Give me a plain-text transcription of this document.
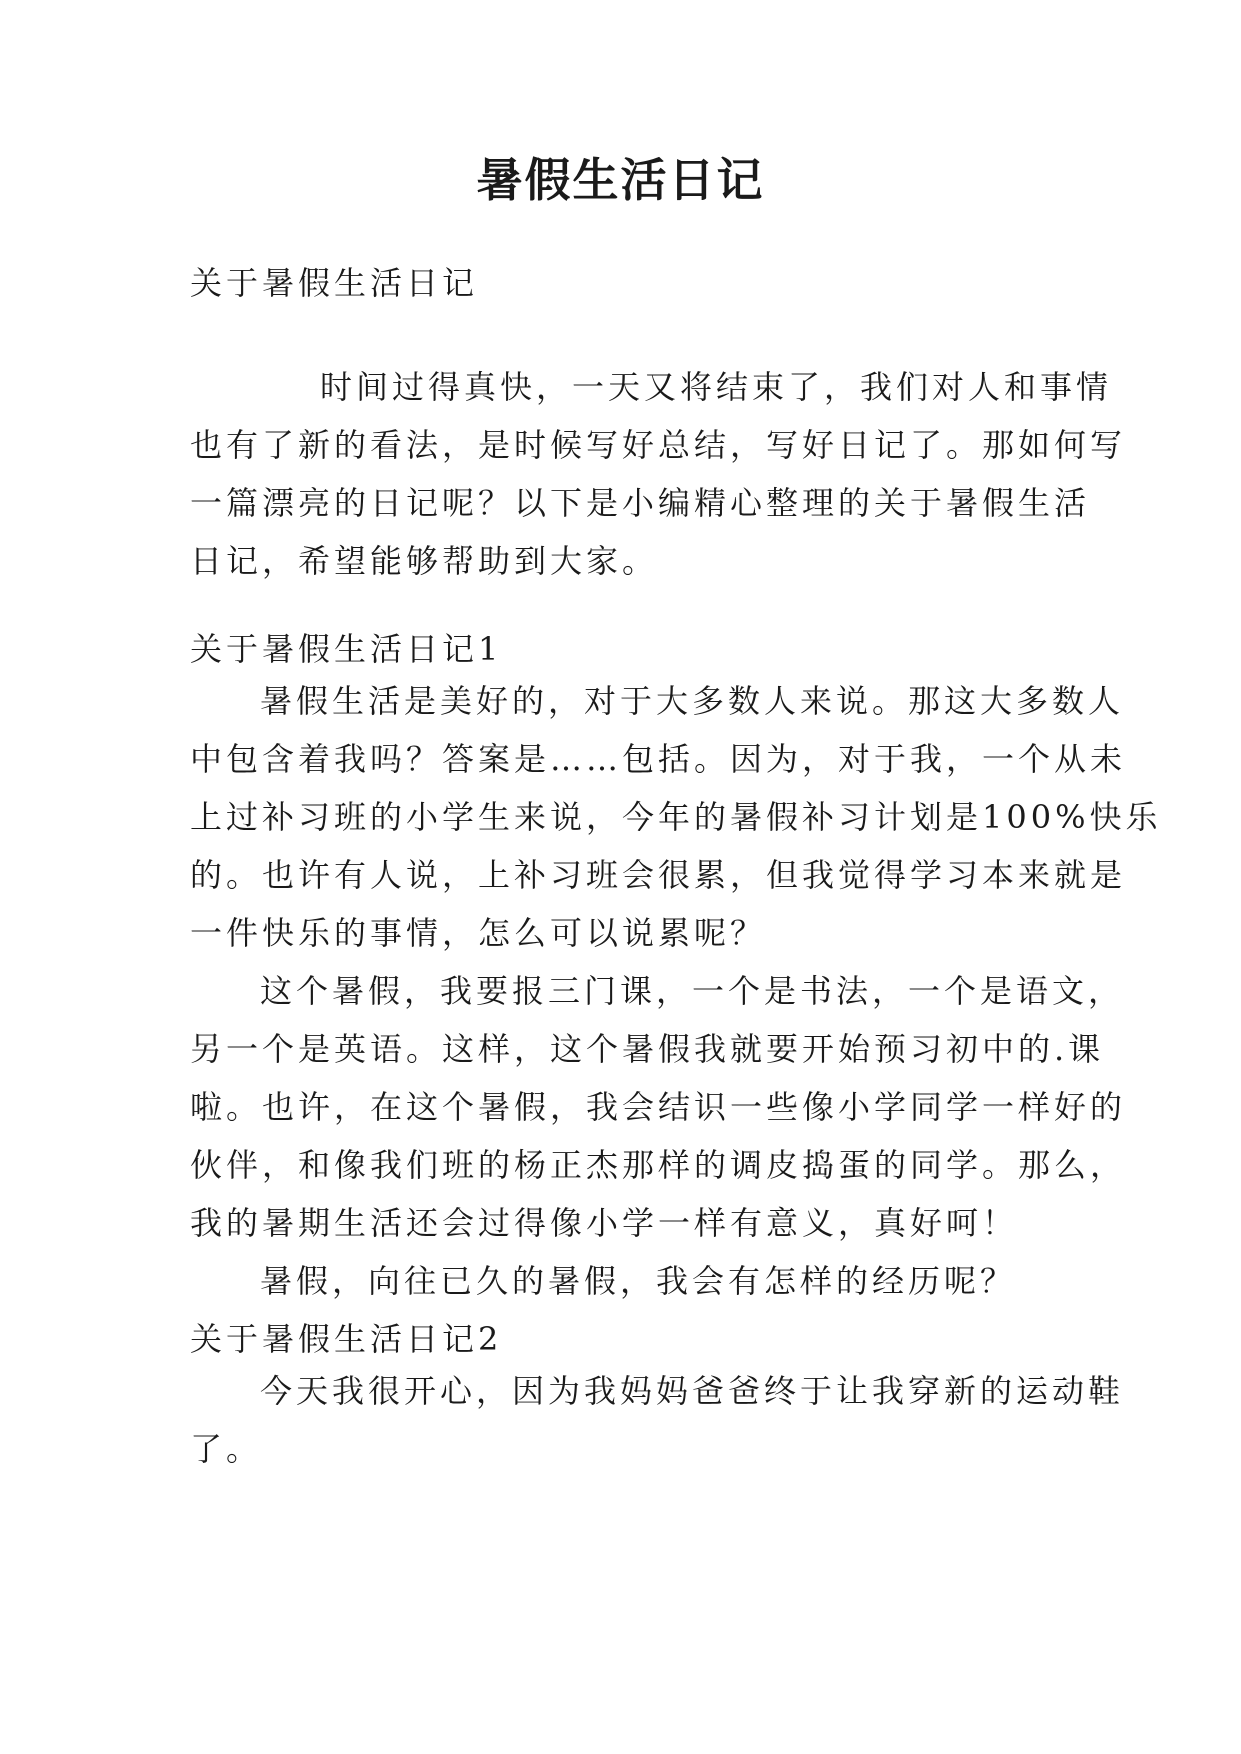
暑假生活日记
关于暑假生活日记
时间过得真快，一天又将结束了，我们对人和事情
也有了新的看法，是时候写好总结，写好日记了。那如何写
一篇漂亮的日记呢？以下是小编精心整理的关于暑假生活
日记，希望能够帮助到大家。
关于暑假生活日记1
暑假生活是美好的，对于大多数人来说。那这大多数人
中包含着我吗？答案是……包括。因为，对于我，一个从未
上过补习班的小学生来说，今年的暑假补习计划是100%快乐
的。也许有人说，上补习班会很累，但我觉得学习本来就是
一件快乐的事情，怎么可以说累呢？
这个暑假，我要报三门课，一个是书法，一个是语文，
另一个是英语。这样，这个暑假我就要开始预习初中的.课
啦。也许，在这个暑假，我会结识一些像小学同学一样好的
伙伴，和像我们班的杨正杰那样的调皮捣蛋的同学。那么，
我的暑期生活还会过得像小学一样有意义，真好呵！
暑假，向往已久的暑假，我会有怎样的经历呢？
关于暑假生活日记2
今天我很开心，因为我妈妈爸爸终于让我穿新的运动鞋
了。
